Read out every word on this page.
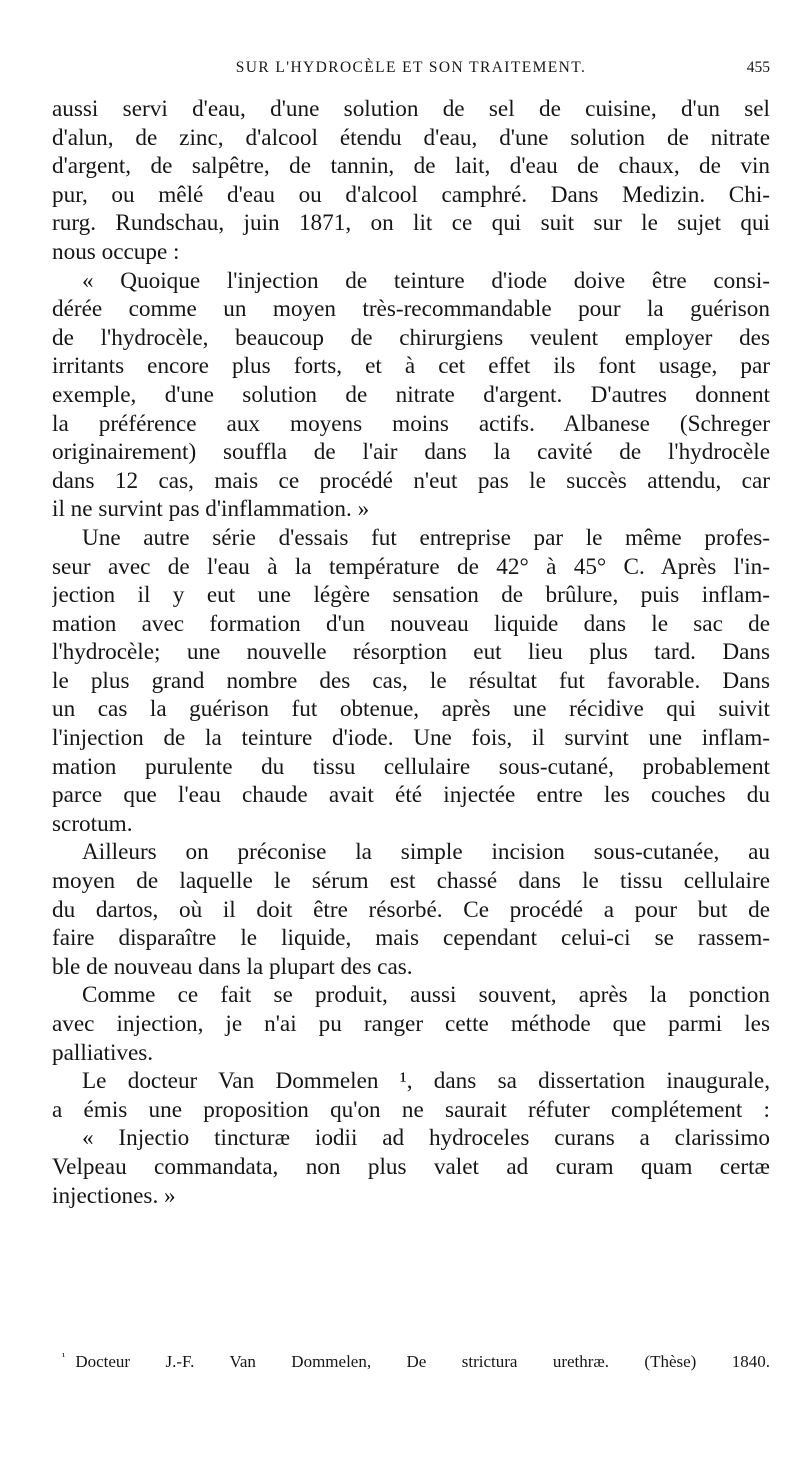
SUR L'HYDROCÈLE ET SON TRAITEMENT.	455
aussi servi d'eau, d'une solution de sel de cuisine, d'un sel
d'alun, de zinc, d'alcool étendu d'eau, d'une solution de nitrate
d'argent, de salpêtre, de tannin, de lait, d'eau de chaux, de vin
pur, ou mêlé d'eau ou d'alcool camphré. Dans Medizin. Chi-
rurg. Rundschau, juin 1871, on lit ce qui suit sur le sujet qui
nous occupe :
« Quoique l'injection de teinture d'iode doive être consi-
dérée comme un moyen très-recommandable pour la guérison
de l'hydrocèle, beaucoup de chirurgiens veulent employer des
irritants encore plus forts, et à cet effet ils font usage, par
exemple, d'une solution de nitrate d'argent. D'autres donnent
la préférence aux moyens moins actifs. Albanese (Schreger
originairement) souffla de l'air dans la cavité de l'hydrocèle
dans 12 cas, mais ce procédé n'eut pas le succès attendu, car
il ne survint pas d'inflammation. »
Une autre série d'essais fut entreprise par le même profes-
seur avec de l'eau à la température de 42° à 45° C. Après l'in-
jection il y eut une légère sensation de brûlure, puis inflam-
mation avec formation d'un nouveau liquide dans le sac de
l'hydrocèle; une nouvelle résorption eut lieu plus tard. Dans
le plus grand nombre des cas, le résultat fut favorable. Dans
un cas la guérison fut obtenue, après une récidive qui suivit
l'injection de la teinture d'iode. Une fois, il survint une inflam-
mation purulente du tissu cellulaire sous-cutané, probablement
parce que l'eau chaude avait été injectée entre les couches du
scrotum.
Ailleurs on préconise la simple incision sous-cutanée, au
moyen de laquelle le sérum est chassé dans le tissu cellulaire
du dartos, où il doit être résorbé. Ce procédé a pour but de
faire disparaître le liquide, mais cependant celui-ci se rassem-
ble de nouveau dans la plupart des cas.
Comme ce fait se produit, aussi souvent, après la ponction
avec injection, je n'ai pu ranger cette méthode que parmi les
palliatives.
Le docteur Van Dommelen ¹, dans sa dissertation inaugurale,
a émis une proposition qu'on ne saurait réfuter complétement :
« Injectio tincturæ iodii ad hydroceles curans a clarissimo
Velpeau commandata, non plus valet ad curam quam certæ
injectiones. »
$^{^1}$ Docteur J.-F. Van Dommelen, De strictura urethræ. (Thèse) 1840.
